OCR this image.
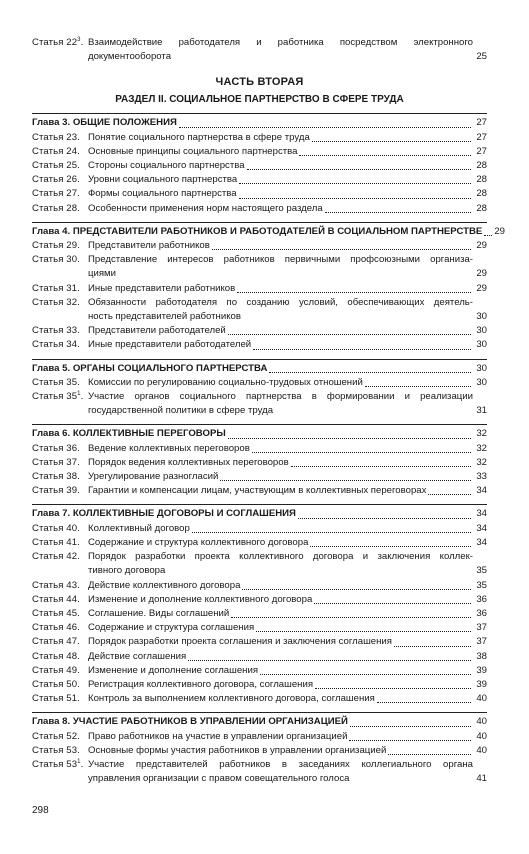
Статья $22^3$. Взаимодействие работодателя и работника посредством электронного
документооборота	25
ЧАСТЬ ВТОРАЯ
РАЗДЕЛ II. СОЦИАЛЬНОЕ ПАРТНЕРСТВО В СФЕРЕ ТРУДА
Глава 3. ОБЩИЕ ПОЛОЖЕНИЯ	27
Статья 23. Понятие социального партнерства в сфере труда	27
Статья 24. Основные принципы социального партнерства	27
Статья 25. Стороны социального партнерства	28
Статья 26. Уровни социального партнерства	28
Статья 27. Формы социального партнерства	28
Статья 28. Особенности применения норм настоящего раздела	28
Глава 4. ПРЕДСТАВИТЕЛИ РАБОТНИКОВ И РАБОТОДАТЕЛЕЙ В СОЦИАЛЬНОМ ПАРТНЕРСТВЕ 29
Статья 29. Представители работников	29
Статья 30. Представление интересов работников первичными профсоюзными организа-
циями	29
Статья 31. Иные представители работников	29
Статья 32. Обязанности работодателя по созданию условий, обеспечивающих деятель-
ность представителей работников	30
Статья 33. Представители работодателей	30
Статья 34. Иные представители работодателей	30
Глава 5. ОРГАНЫ СОЦИАЛЬНОГО ПАРТНЕРСТВА	30
Статья 35. Комиссии по регулированию социально-трудовых отношений	30
Статья $35^1$. Участие органов социального партнерства в формировании и реализации
государственной политики в сфере труда	31
Глава 6. КОЛЛЕКТИВНЫЕ ПЕРЕГОВОРЫ	32
Статья 36. Ведение коллективных переговоров	32
Статья 37. Порядок ведения коллективных переговоров	32
Статья 38. Урегулирование разногласий	33
Статья 39. Гарантии и компенсации лицам, участвующим в коллективных переговорах	34
Глава 7. КОЛЛЕКТИВНЫЕ ДОГОВОРЫ И СОГЛАШЕНИЯ	34
Статья 40. Коллективный договор	34
Статья 41. Содержание и структура коллективного договора	34
Статья 42. Порядок разработки проекта коллективного договора и заключения коллек-
тивного договора	35
Статья 43. Действие коллективного договора	35
Статья 44. Изменение и дополнение коллективного договора	36
Статья 45. Соглашение. Виды соглашений	36
Статья 46. Содержание и структура соглашения	37
Статья 47. Порядок разработки проекта соглашения и заключения соглашения	37
Статья 48. Действие соглашения	38
Статья 49. Изменение и дополнение соглашения	39
Статья 50. Регистрация коллективного договора, соглашения	39
Статья 51. Контроль за выполнением коллективного договора, соглашения	40
Глава 8. УЧАСТИЕ РАБОТНИКОВ В УПРАВЛЕНИИ ОРГАНИЗАЦИЕЙ	40
Статья 52. Право работников на участие в управлении организацией	40
Статья 53. Основные формы участия работников в управлении организацией	40
Статья $53^1$. Участие представителей работников в заседаниях коллегиального органа
управления организации с правом совещательного голоса	41
298
